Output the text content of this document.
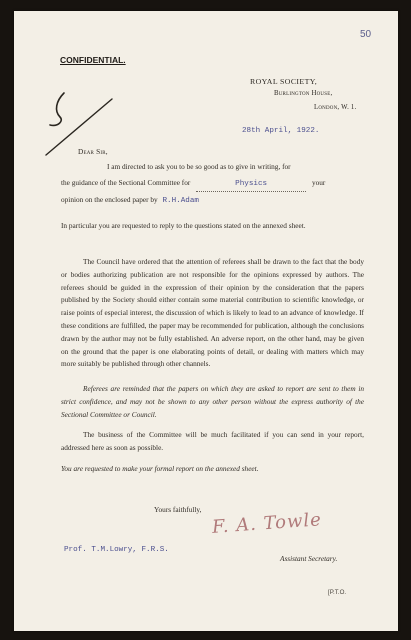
50
CONFIDENTIAL.
ROYAL SOCIETY,
Burlington House,
London, W. 1.
28th April, 1922.
Dear Sir,
I am directed to ask you to be so good as to give in writing, for
the guidance of the Sectional Committee for	Physics	your
opinion on the enclosed paper by R.H.Adam
In particular you are requested to reply to the questions stated on the annexed sheet.
The Council have ordered that the attention of referees shall be drawn to the fact that the body or bodies authorizing publication are not responsible for the opinions expressed by authors. The referees should be guided in the expression of their opinion by the consideration that the papers published by the Society should either contain some material contribution to scientific knowledge, or raise points of especial interest, the discussion of which is likely to lead to an advance of knowledge. If these conditions are fulfilled, the paper may be recommended for publication, although the conclusions drawn by the author may not be fully established. An adverse report, on the other hand, may be given on the ground that the paper is one elaborating points of detail, or dealing with matters which may more suitably be published through other channels.
Referees are reminded that the papers on which they are asked to report are sent to them in strict confidence, and may not be shown to any other person without the express authority of the Sectional Committee or Council.
The business of the Committee will be much facilitated if you can send in your report, addressed here as soon as possible.
You are requested to make your formal report on the annexed sheet.
Yours faithfully, F. A. Towle
Prof. T.M.Lowry, F.R.S.
Assistant Secretary.
[P.T.O.
